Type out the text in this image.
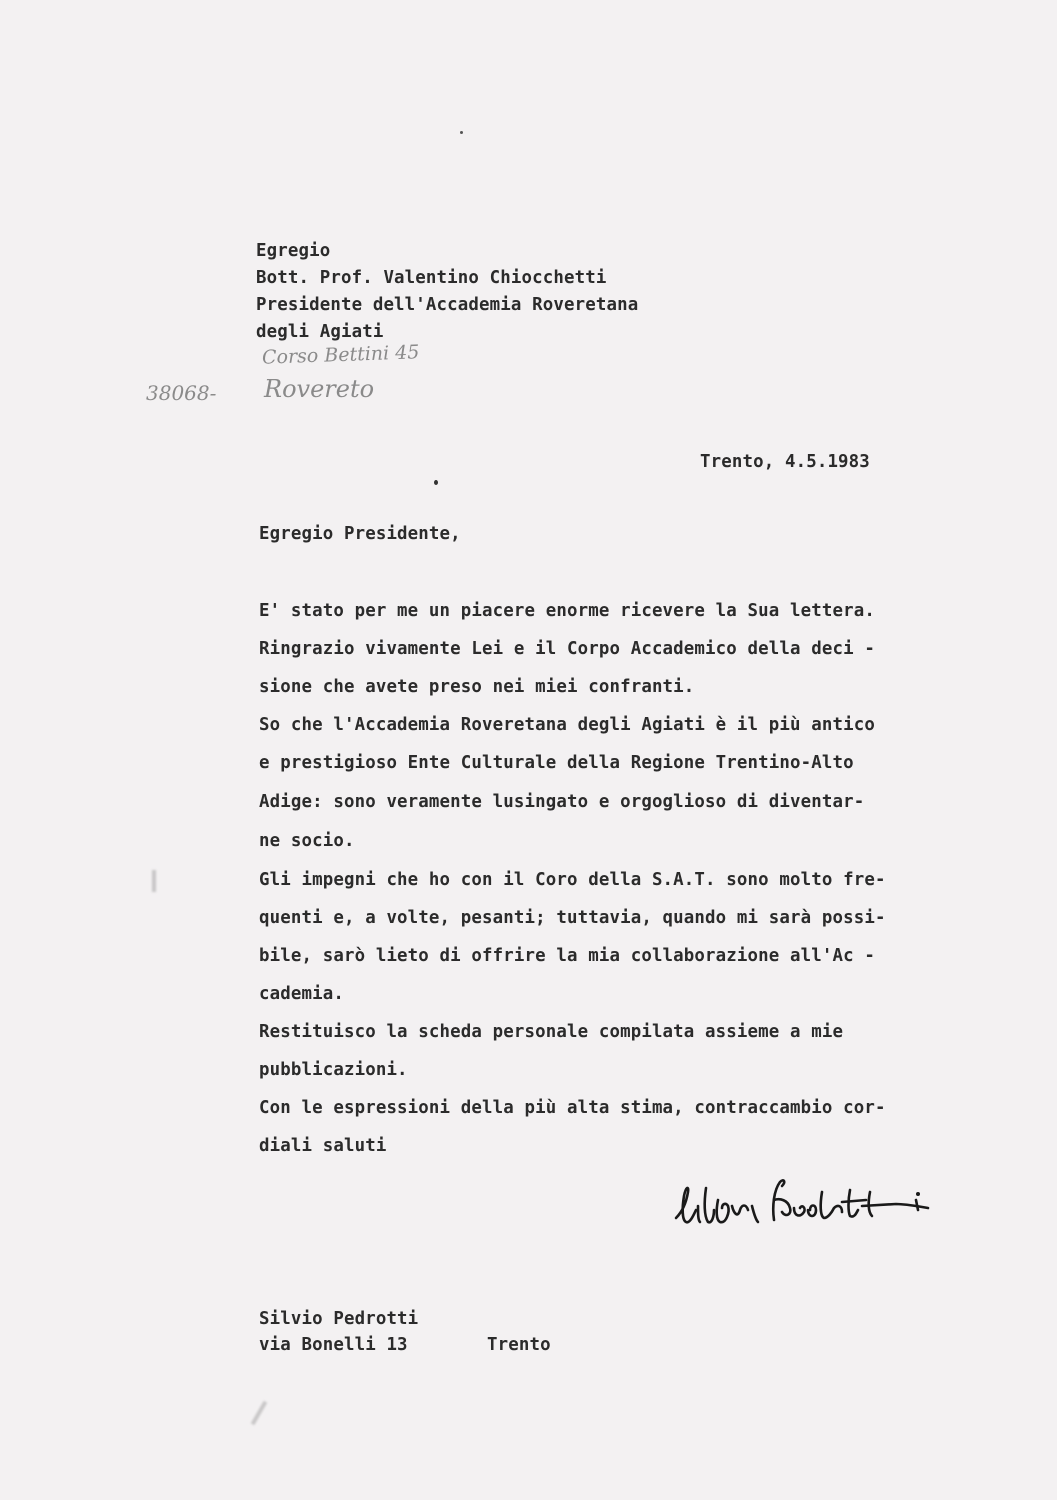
Egregio
Bott. Prof. Valentino Chiocchetti
Presidente dell'Accademia Roveretana
degli Agiati
Corso Bettini 45
38068- Rovereto
Trento, 4.5.1983
Egregio Presidente,
E' stato per me un piacere enorme ricevere la Sua lettera.
Ringrazio vivamente Lei e il Corpo Accademico della deci -
sione che avete preso nei miei confranti.
So che l'Accademia Roveretana degli Agiati è il più antico
e prestigioso Ente Culturale della Regione Trentino-Alto
Adige: sono veramente lusingato e orgoglioso di diventar-
ne socio.
Gli impegni che ho con il Coro della S.A.T. sono molto fre-
quenti e, a volte, pesanti; tuttavia, quando mi sarà possi-
bile, sarò lieto di offrire la mia collaborazione all'Ac -
cademia.
Restituisco la scheda personale compilata assieme a mie
pubblicazioni.
Con le espressioni della più alta stima, contraccambio cor-
diali saluti
Silvio Pedrotti
via Bonelli 13	Trento
